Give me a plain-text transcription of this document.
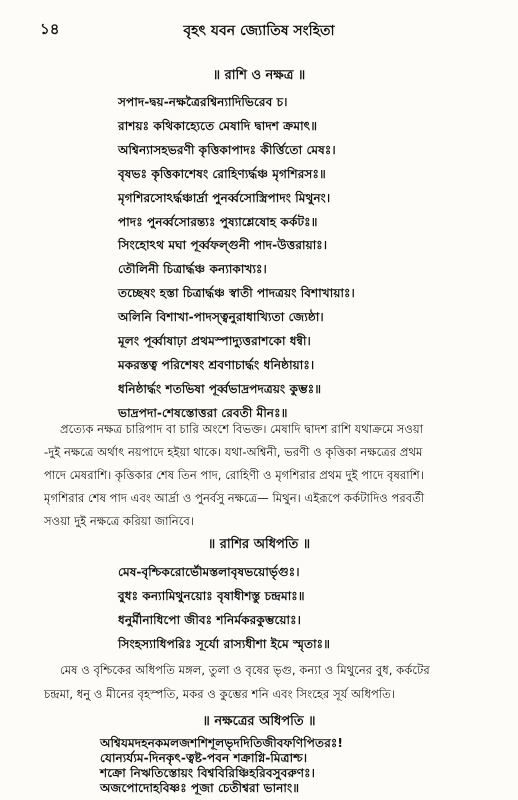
১৪	বৃহৎ যবন জ্যোতিষ সংহিতা
॥ রাশি ও নক্ষত্র ॥
সপাদ-দ্বয়-নক্ষত্রৈরশ্বিন্যাদিভিরেব চ।
রাশয়ঃ কথিকাহ্যেতে মেষাদি দ্বাদশ ক্রমাৎ॥
অশ্বিন্যাসহভরণী কৃত্তিকাপাদঃ কীর্ত্তিতো মেষঃ।
বৃষভঃ কৃত্তিকাশেষং রোহিণ্যর্দ্ধঞ্চ মৃগশিরসঃ॥
মৃগশিরসোঽর্দ্ধঞ্চার্দ্রা পুনর্ব্বসোস্ত্রিপাদং মিথুনং।
পাদঃ পুনর্ব্বসোরন্ত্যঃ পুষ্যাশ্লেষোহ কর্কটঃ॥
সিংহোঽথ মঘা পূর্ব্বফল্গুনী পাদ-উত্তরায়াঃ।
তৌলিনী চিত্রার্দ্ধঞ্চ কন্যাকাখ্যঃ।
তচ্ছেষং হস্তা চিত্রার্দ্ধঞ্চ স্বাতী পাদত্রয়ং বিশাখায়াঃ।
অলিনি বিশাখা-পাদস্ত্বনুরাধাখ্যিতা জ্যেষ্ঠা।
মূলং পূর্ব্বাষাঢ়া প্রথমস্পাদ্যুত্তরাশকো ধন্বী।
মকরস্তত্ব পরিশেষং শ্রবণাচার্দ্ধং ধনিষ্ঠায়াঃ।
ধনিষ্ঠার্দ্ধং শতভিষা পূর্ব্বভাদ্রপদত্রয়ং কুম্ভঃ॥
ভাদ্রপদা-শেষস্তোত্তরা রেবতী মীনঃ॥
প্রত্যেক নক্ষত্র চারিপাদ বা চারি অংশে বিভক্ত। মেষাদি দ্বাদশ রাশি যথাক্রমে সওয়া
-দুই নক্ষত্রে অর্থাৎ নয়পাদে হইয়া থাকে। যথা-অশ্বিনী, ভরণী ও কৃত্তিকা নক্ষত্রের প্রথম
পাদে মেষরাশি। কৃত্তিকার শেষ তিন পাদ, রোহিণী ও মৃগশিরার প্রথম দুই পাদে বৃষরাশি।
মৃগশিরার শেষ পাদ এবং আর্দ্রা ও পুনর্বসু নক্ষত্রে— মিথুন। এইরূপে কর্কটাদিও পরবর্তী
সওয়া দুই নক্ষত্রে করিয়া জানিবে।
॥ রাশির অধিপতি ॥
মেষ-বৃশ্চিকরোর্ভৌমস্তলাবৃষভয়োর্ভৃগুঃ।
বুধঃ কন্যামিথুনয়োঃ বৃষাধীশস্তু চন্দ্রমাঃ॥
ধনুর্মীনাধিপো জীবঃ শনির্মকরকুম্ভয়োঃ।
সিংহস্যাধিপরিঃ সূর্যো রাস্যধীশা ইমে স্মৃতাঃ॥
মেষ ও বৃশ্চিকের অধিপতি মঙ্গল, তুলা ও বৃষের ভৃগু, কন্যা ও মিথুনের বুধ, কর্কটের
চন্দ্রমা, ধনু ও মীনের বৃহস্পতি, মকর ও কুম্ভের শনি এবং সিংহের সূর্য অধিপতি।
॥ নক্ষত্রের অধিপতি ॥
অশ্বিযমদহনকমলজশশিশূলভৃদদিতিজীবফণিপিতরঃ!
যোন্যর্য্যম-দিনকৃৎ-ত্বষ্ট-পবন শক্রাগ্নি-মিত্রাশ্চ।
শক্রো নিঋতিস্তোয়ং বিশ্ববিরিঞ্চিহরিবসুবরুণঃ।
অজপোদোহবিষ্ণঃ পূজা চেতীশ্বরা ভানাং॥
